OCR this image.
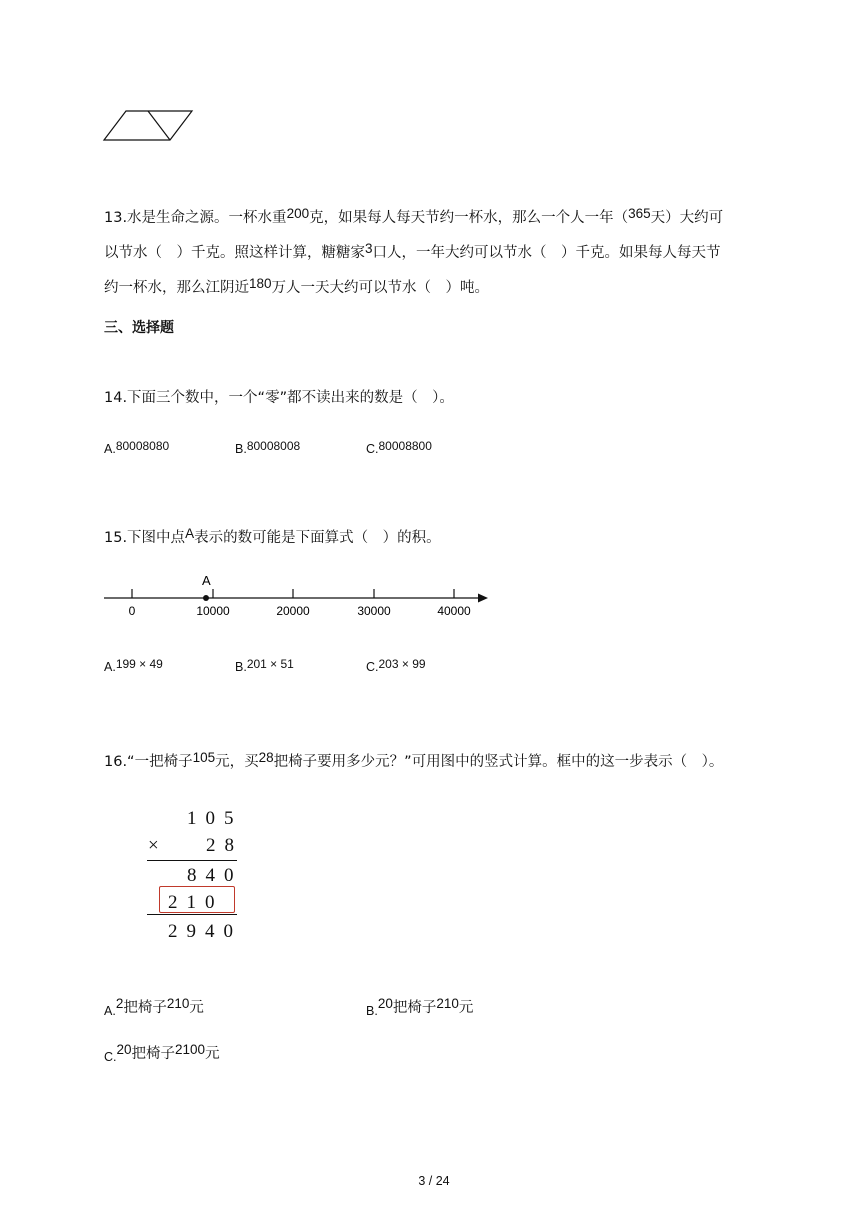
13.水是生命之源。一杯水重200克，如果每人每天节约一杯水，那么一个人一年（365天）大约可
以节水（　）千克。照这样计算，糖糖家3口人，一年大约可以节水（　）千克。如果每人每天节
约一杯水，那么江阴近180万人一天大约可以节水（　）吨。
三、选择题
14.下面三个数中，一个“零”都不读出来的数是（　）。
A.80008080	B.80008008	C.80008800
15.下图中点A表示的数可能是下面算式（　）的积。
A
0	10000	20000	30000	40000
A.199 × 49	B.201 × 51	C.203 × 99
16.“一把椅子105元，买28把椅子要用多少元？”可用图中的竖式计算。框中的这一步表示（　）。
105
× 28
840
210
2940
A.2把椅子210元	B.20把椅子210元
C.20把椅子2100元
3 / 24
